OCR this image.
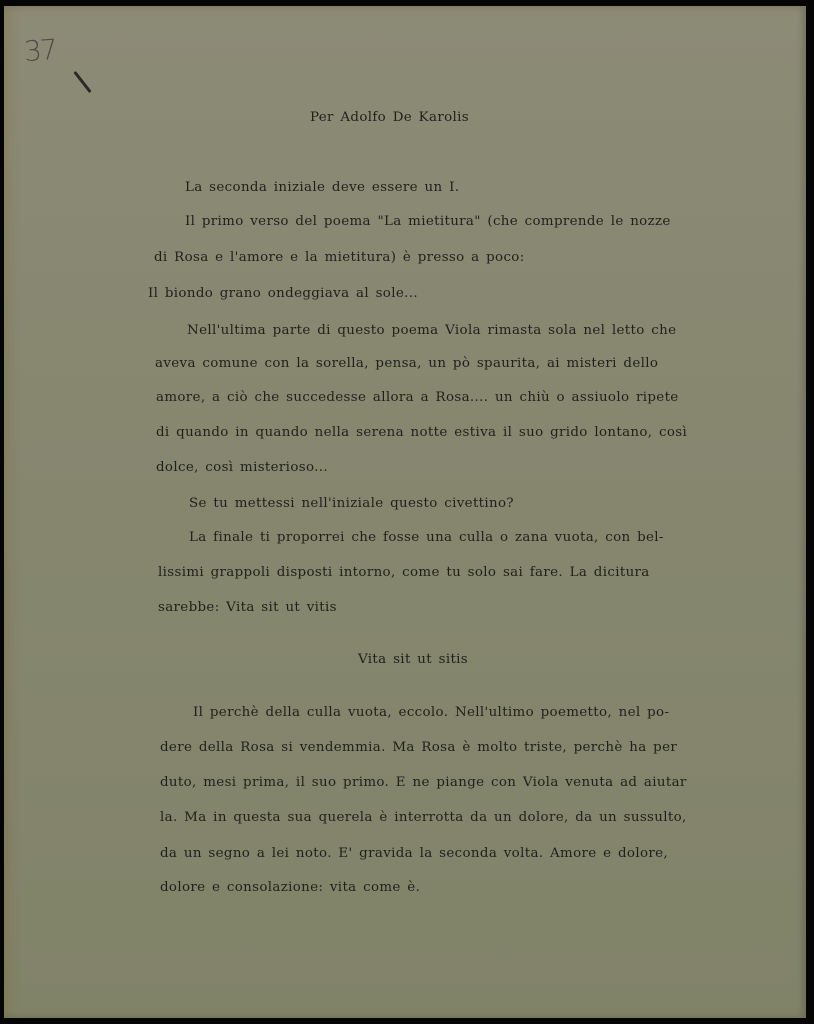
37
Per Adolfo De Karolis
La seconda iniziale deve essere un I.
Il primo verso del poema "La mietitura" (che comprende le nozze
di Rosa e l'amore e la mietitura) è presso a poco:
Il biondo grano ondeggiava al sole...
Nell'ultima parte di questo poema Viola rimasta sola nel letto che
aveva comune con la sorella, pensa, un pò spaurita, ai misteri dello
amore, a ciò che succedesse allora a Rosa.... un chiù o assiuolo ripete
di quando in quando nella serena notte estiva il suo grido lontano, così
dolce, così misterioso...
Se tu mettessi nell'iniziale questo civettino?
La finale ti proporrei che fosse una culla o zana vuota, con bel-
lissimi grappoli disposti intorno, come tu solo sai fare. La dicitura
sarebbe: Vita sit ut vitis
Vita sit ut sitis
Il perchè della culla vuota, eccolo. Nell'ultimo poemetto, nel po-
dere della Rosa si vendemmia. Ma Rosa è molto triste, perchè ha per
duto, mesi prima, il suo primo. E ne piange con Viola venuta ad aiutar
la. Ma in questa sua querela è interrotta da un dolore, da un sussulto,
da un segno a lei noto. E' gravida la seconda volta. Amore e dolore,
dolore e consolazione: vita come è.
